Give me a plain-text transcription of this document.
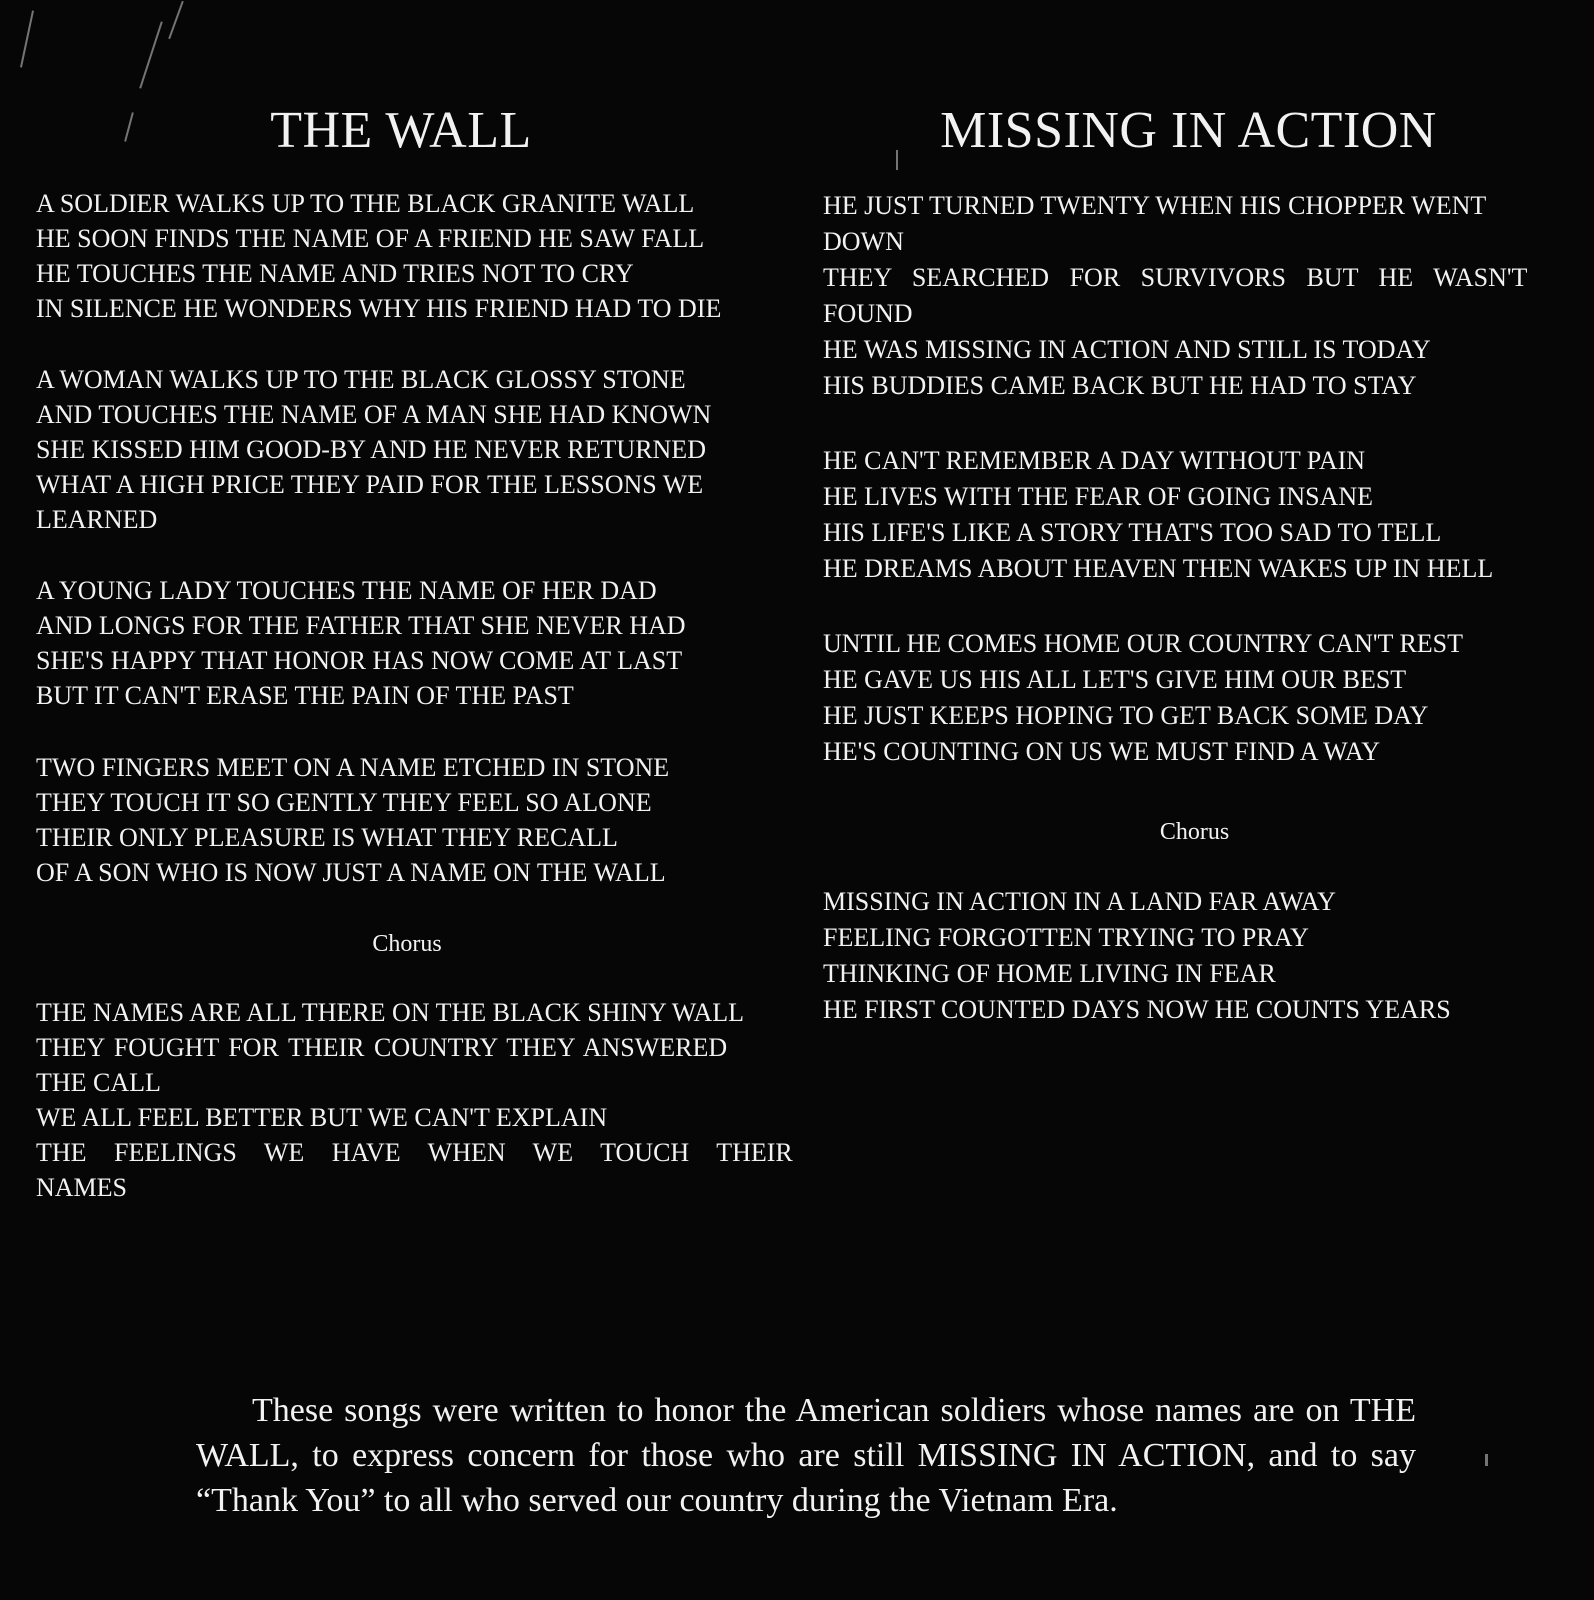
THE WALL
A SOLDIER WALKS UP TO THE BLACK GRANITE WALL
HE SOON FINDS THE NAME OF A FRIEND HE SAW FALL
HE TOUCHES THE NAME AND TRIES NOT TO CRY
IN SILENCE HE WONDERS WHY HIS FRIEND HAD TO DIE
A WOMAN WALKS UP TO THE BLACK GLOSSY STONE
AND TOUCHES THE NAME OF A MAN SHE HAD KNOWN
SHE KISSED HIM GOOD-BY AND HE NEVER RETURNED
WHAT A HIGH PRICE THEY PAID FOR THE LESSONS WE
LEARNED
A YOUNG LADY TOUCHES THE NAME OF HER DAD
AND LONGS FOR THE FATHER THAT SHE NEVER HAD
SHE'S HAPPY THAT HONOR HAS NOW COME AT LAST
BUT IT CAN'T ERASE THE PAIN OF THE PAST
TWO FINGERS MEET ON A NAME ETCHED IN STONE
THEY TOUCH IT SO GENTLY THEY FEEL SO ALONE
THEIR ONLY PLEASURE IS WHAT THEY RECALL
OF A SON WHO IS NOW JUST A NAME ON THE WALL
Chorus
THE NAMES ARE ALL THERE ON THE BLACK SHINY WALL
THEY FOUGHT FOR THEIR COUNTRY THEY ANSWERED
THE CALL
WE ALL FEEL BETTER BUT WE CAN'T EXPLAIN
THE FEELINGS WE HAVE WHEN WE TOUCH THEIR
NAMES
MISSING IN ACTION
HE JUST TURNED TWENTY WHEN HIS CHOPPER WENT
DOWN
THEY SEARCHED FOR SURVIVORS BUT HE WASN'T
FOUND
HE WAS MISSING IN ACTION AND STILL IS TODAY
HIS BUDDIES CAME BACK BUT HE HAD TO STAY
HE CAN'T REMEMBER A DAY WITHOUT PAIN
HE LIVES WITH THE FEAR OF GOING INSANE
HIS LIFE'S LIKE A STORY THAT'S TOO SAD TO TELL
HE DREAMS ABOUT HEAVEN THEN WAKES UP IN HELL
UNTIL HE COMES HOME OUR COUNTRY CAN'T REST
HE GAVE US HIS ALL LET'S GIVE HIM OUR BEST
HE JUST KEEPS HOPING TO GET BACK SOME DAY
HE'S COUNTING ON US WE MUST FIND A WAY
Chorus
MISSING IN ACTION IN A LAND FAR AWAY
FEELING FORGOTTEN TRYING TO PRAY
THINKING OF HOME LIVING IN FEAR
HE FIRST COUNTED DAYS NOW HE COUNTS YEARS

These songs were written to honor the American soldiers whose names are on THE WALL, to express concern for those who are still MISSING IN ACTION, and to say “Thank You” to all who served our country during the Vietnam Era.
